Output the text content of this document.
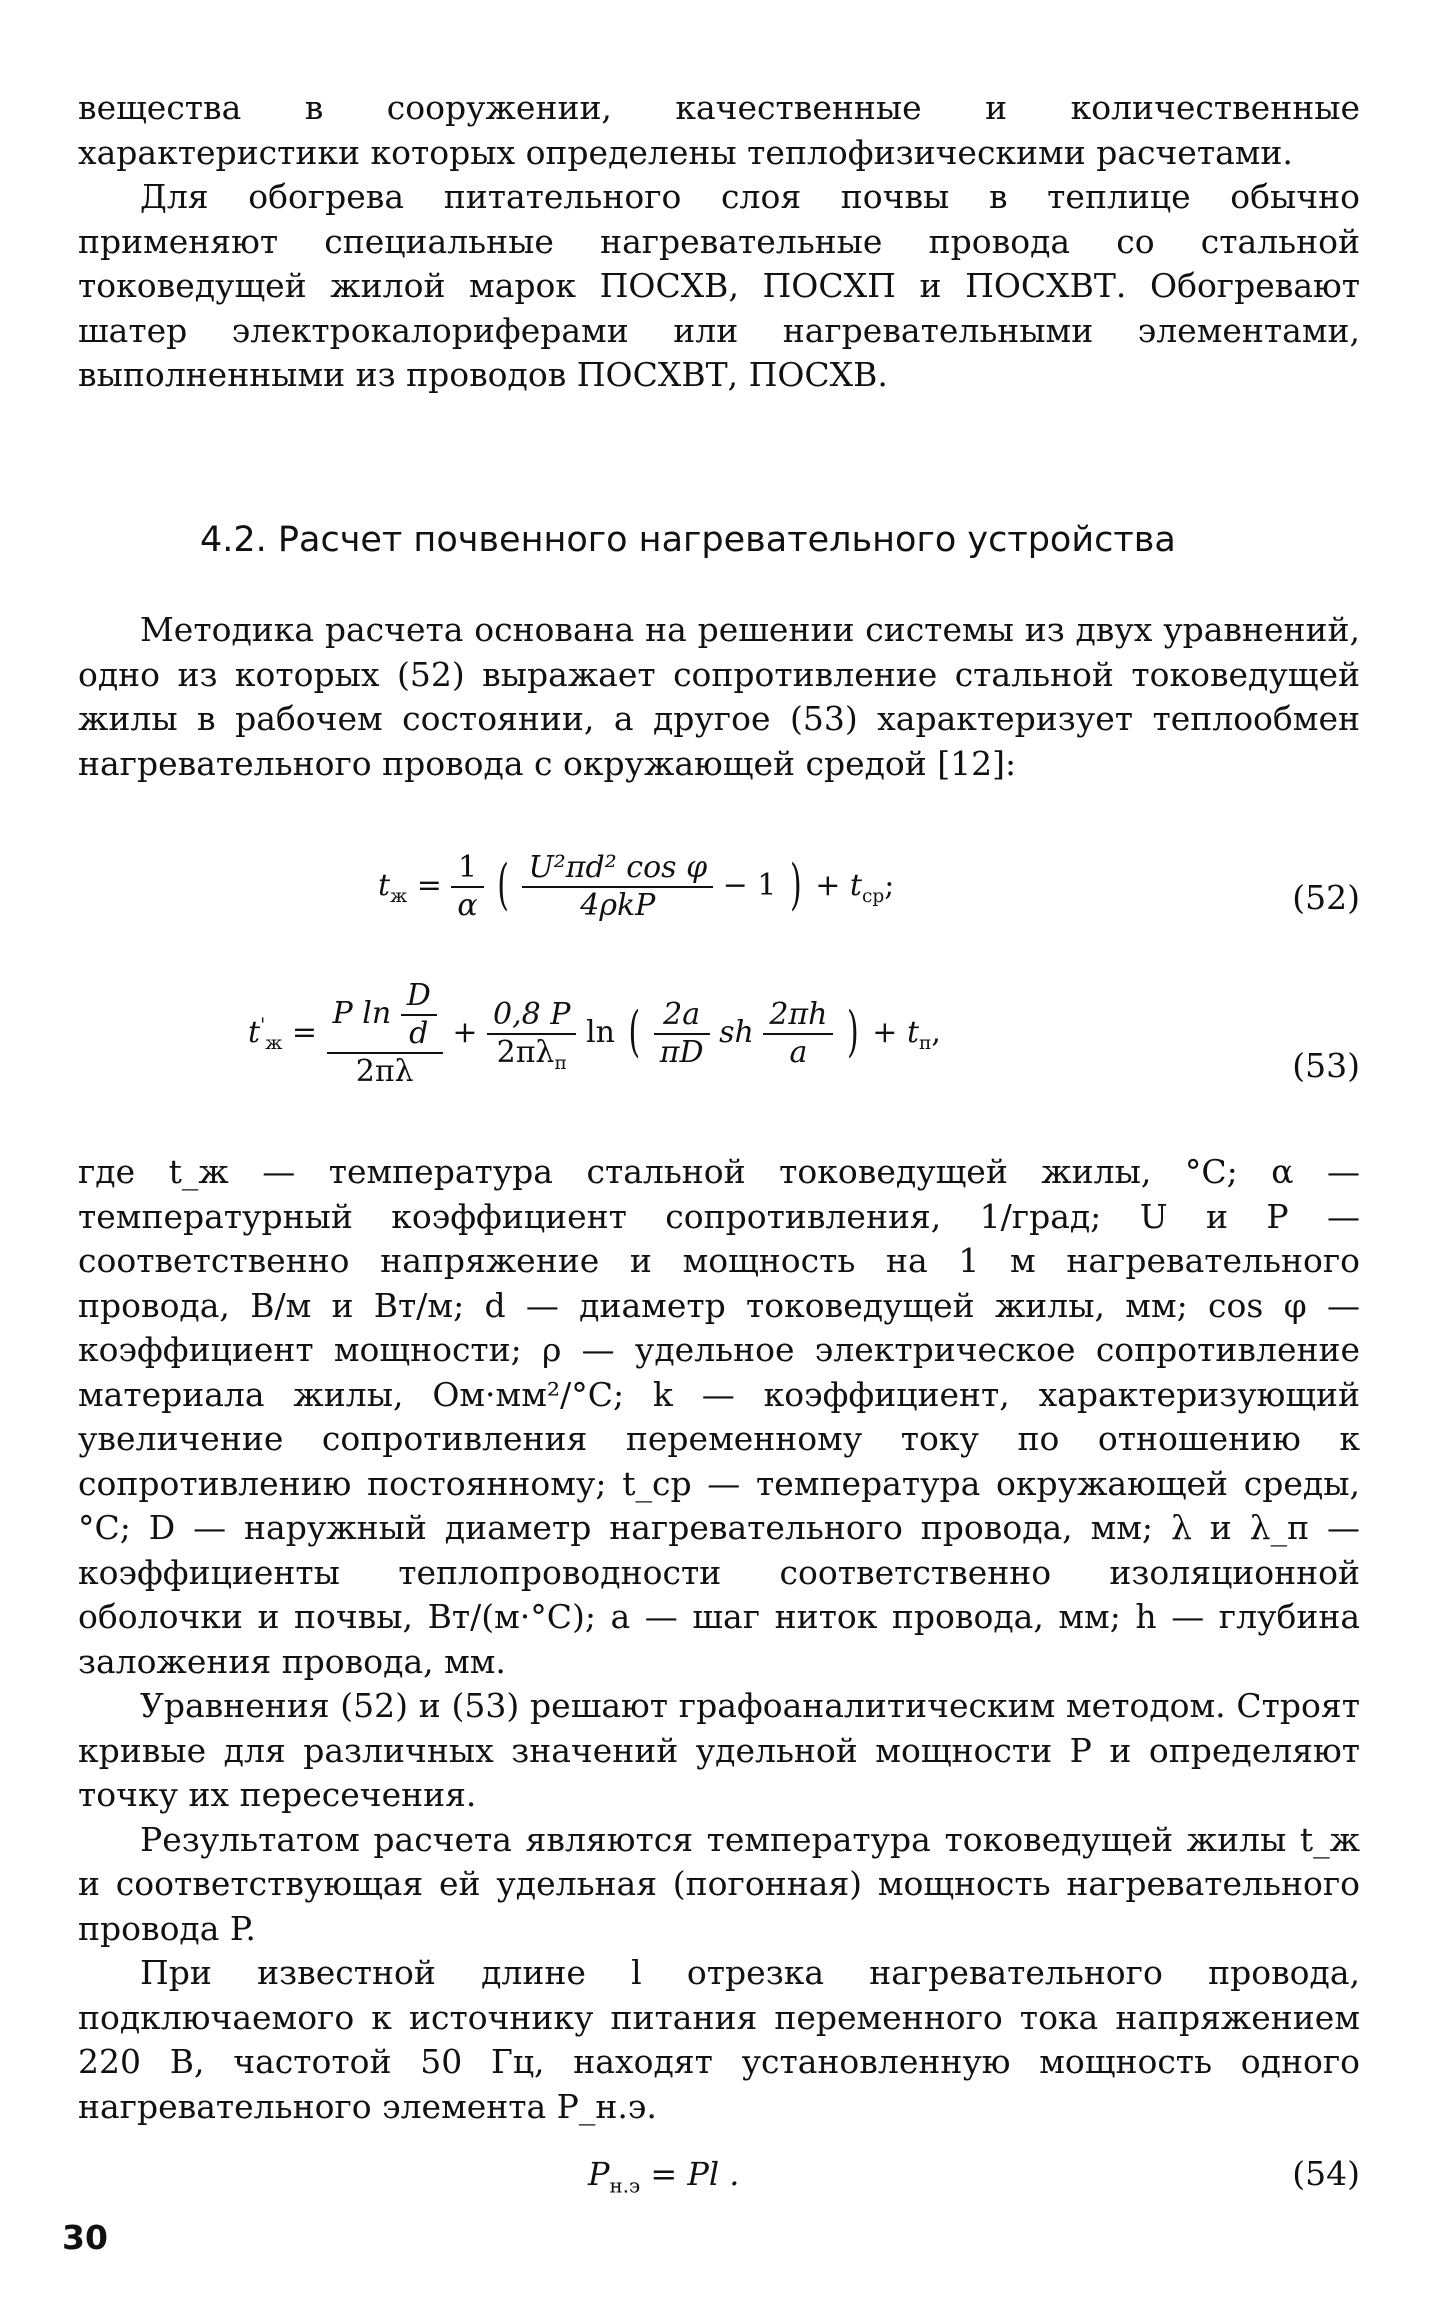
вещества в сооружении, качественные и количественные характеристики которых определены теплофизическими расчетами.

Для обогрева питательного слоя почвы в теплице обычно применяют специальные нагревательные провода со стальной токоведущей жилой марок ПОСХВ, ПОСХП и ПОСХВТ. Обогревают шатер электрокалориферами или нагревательными элементами, выполненными из проводов ПОСХВТ, ПОСХВ.

4.2. Расчет почвенного нагревательного устройства

Методика расчета основана на решении системы из двух уравнений, одно из которых (52) выражает сопротивление стальной токоведущей жилы в рабочем состоянии, а другое (53) характеризует теплообмен нагревательного провода с окружающей средой [12]:

$t_ж = \frac{1}{\alpha}$ ( $\frac{\text{U²πd² cos φ}}{\text{4ρkP}} - 1$ ) + $t_{ср}$;	(52)
$t'_ж = \frac{P \ln \frac{D}{d}}{2\pi\lambda} + \frac{0,8 P}{2\pi\lambda_п}$ ln ( $\frac{2a}{\pi D}$ sh $\frac{2\pi h}{a}$ ) + $t_п$,
(53)

где t_ж — температура стальной токоведущей жилы, °С; α — температурный коэффициент сопротивления, 1/град; U и P — соответственно напряжение и мощность на 1 м нагревательного провода, В/м и Вт/м; d — диаметр токоведущей жилы, мм; cos φ — коэффициент мощности; ρ — удельное электрическое сопротивление материала жилы, Ом·мм²/°С; k — коэффициент, характеризующий увеличение сопротивления переменному току по отношению к сопротивлению постоянному; t_ср — температура окружающей среды, °С; D — наружный диаметр нагревательного провода, мм; λ и λ_п — коэффициенты теплопроводности соответственно изоляционной оболочки и почвы, Вт/(м·°С); a — шаг ниток провода, мм; h — глубина заложения провода, мм.

Уравнения (52) и (53) решают графоаналитическим методом. Строят кривые для различных значений удельной мощности P и определяют точку их пересечения.

Результатом расчета являются температура токоведущей жилы t_ж и соответствующая ей удельная (погонная) мощность нагревательного провода P.

При известной длине l отрезка нагревательного провода, подключаемого к источнику питания переменного тока напряжением 220 В, частотой 50 Гц, находят установленную мощность одного нагревательного элемента P_н.э.

$P_{н.э} = Pl$ .	(54)
30
